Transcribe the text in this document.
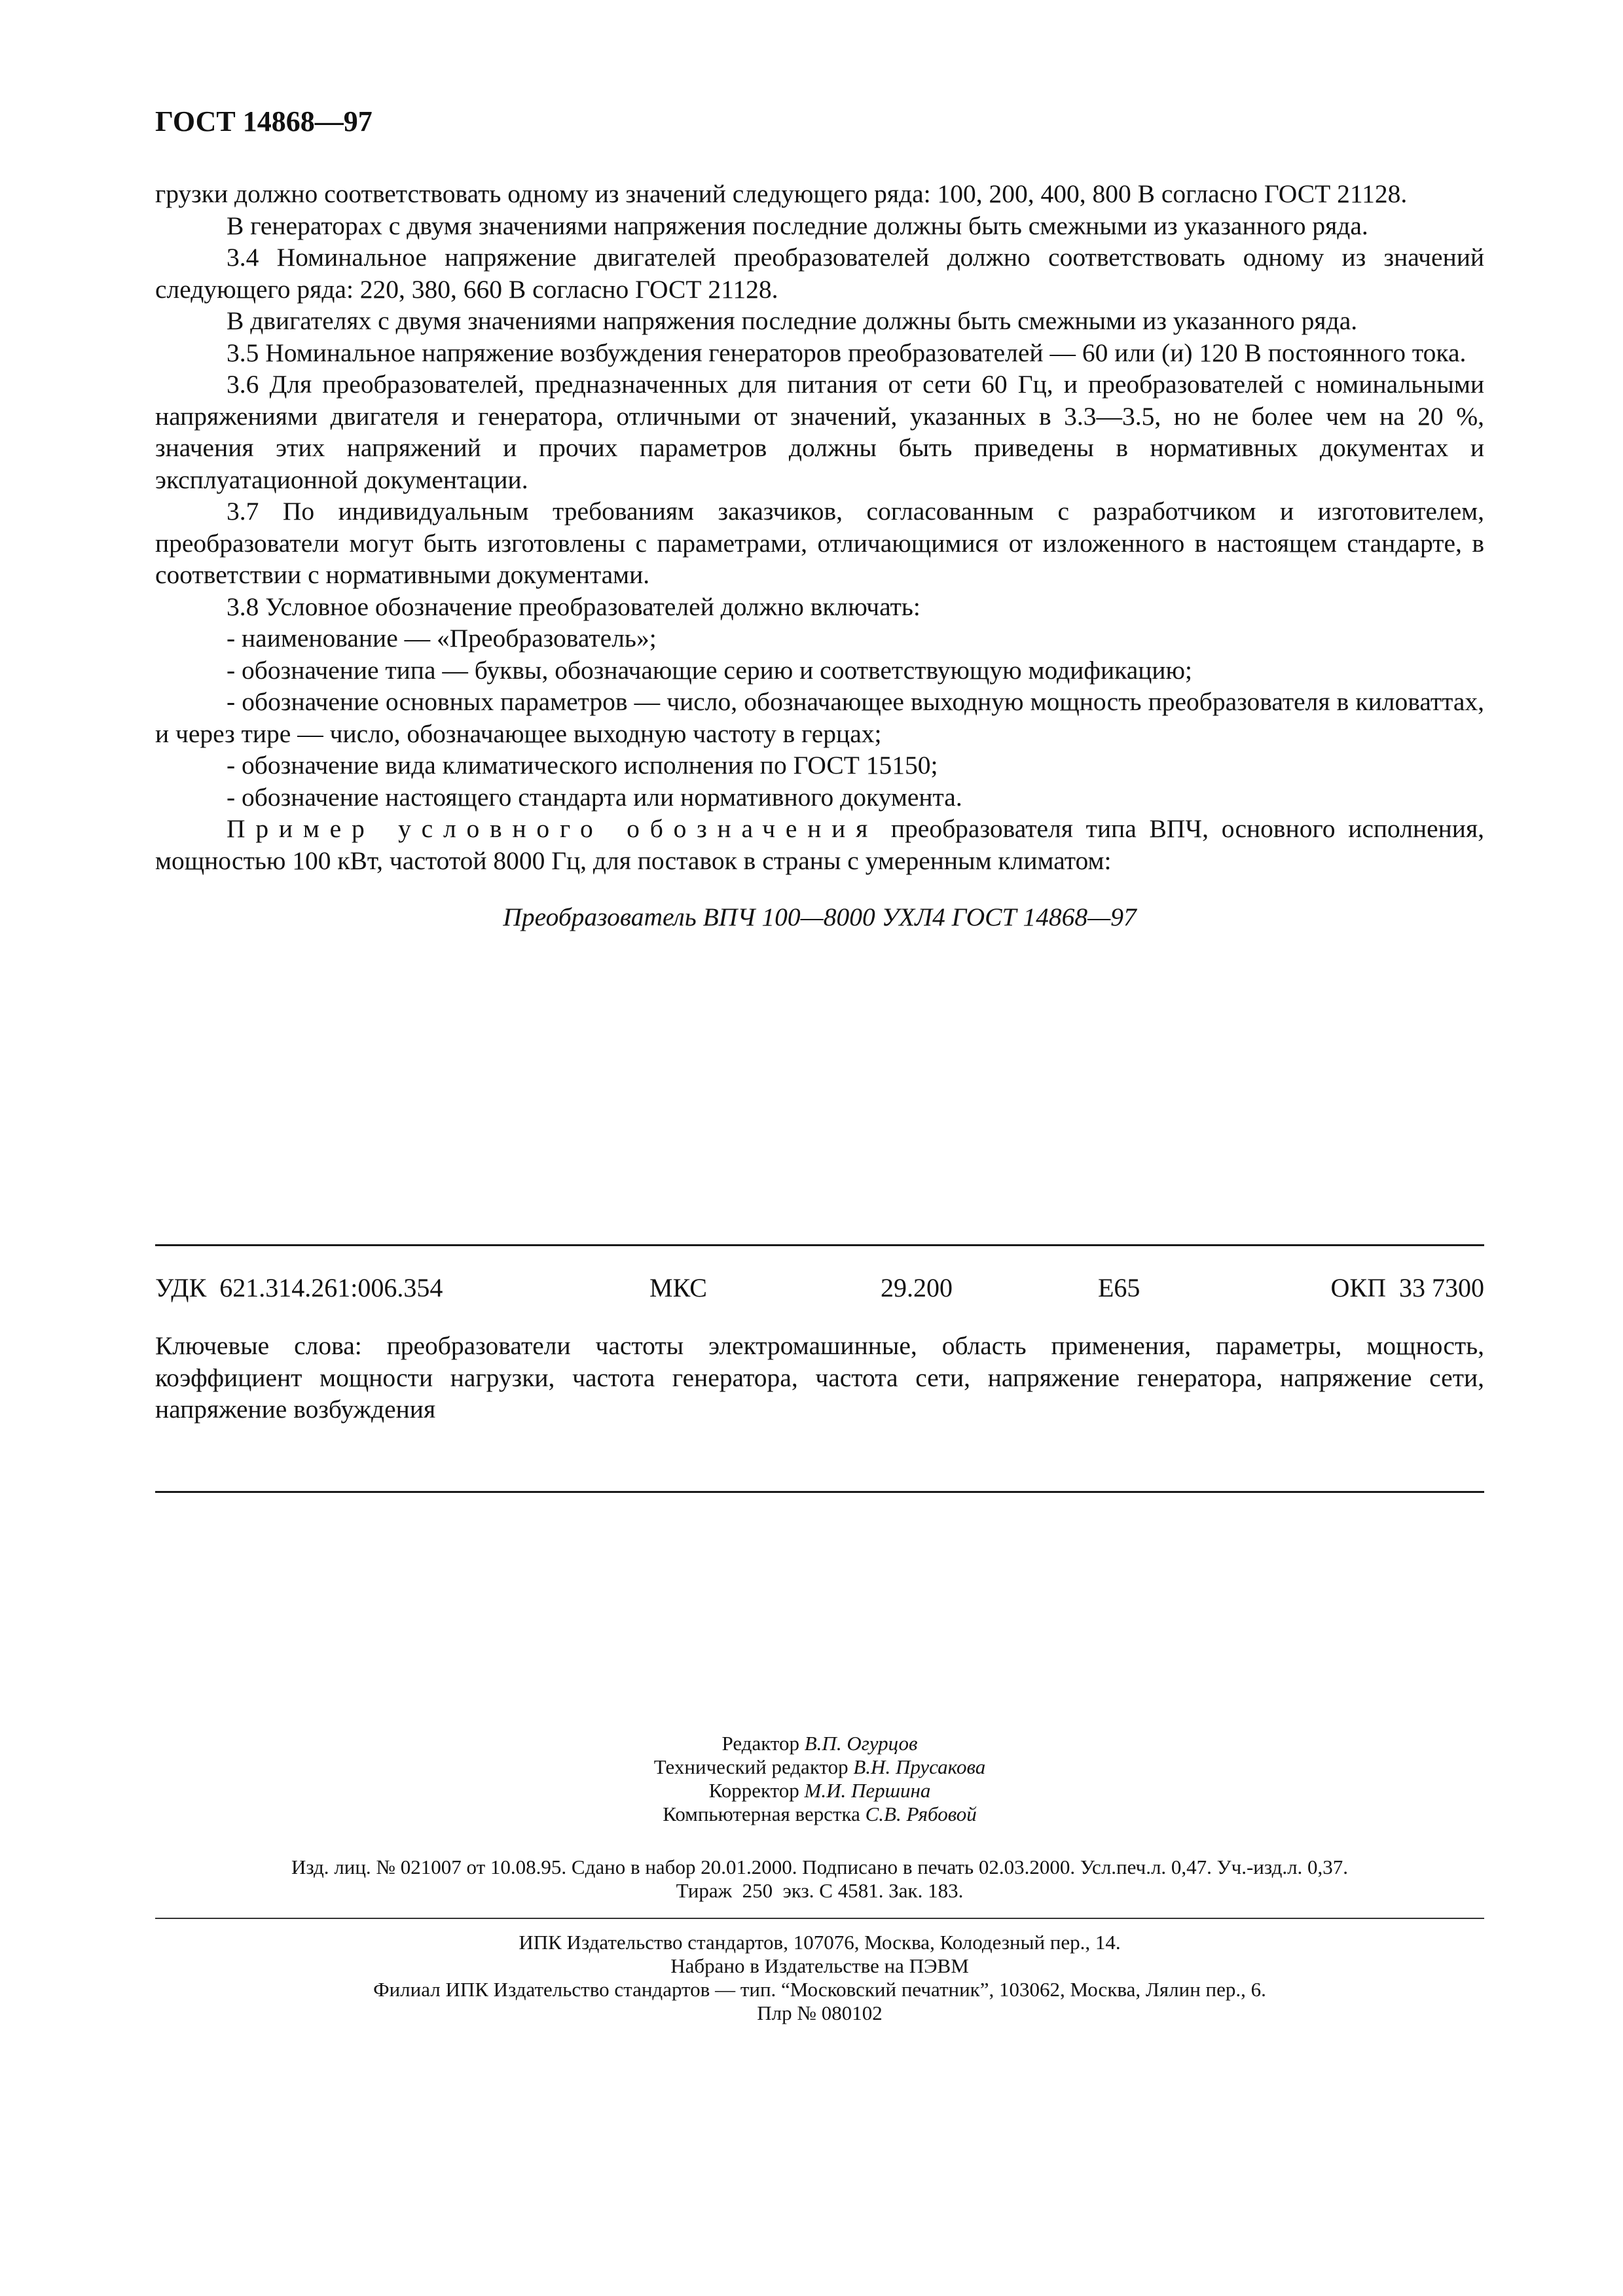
ГОСТ 14868—97

грузки должно соответствовать одному из значений следующего ряда: 100, 200, 400, 800 В согласно ГОСТ 21128.

В генераторах с двумя значениями напряжения последние должны быть смежными из указанного ряда.

3.4 Номинальное напряжение двигателей преобразователей должно соответствовать одному из значений следующего ряда: 220, 380, 660 В согласно ГОСТ 21128.

В двигателях с двумя значениями напряжения последние должны быть смежными из указанного ряда.

3.5 Номинальное напряжение возбуждения генераторов преобразователей — 60 или (и) 120 В постоянного тока.

3.6 Для преобразователей, предназначенных для питания от сети 60 Гц, и преобразователей с номинальными напряжениями двигателя и генератора, отличными от значений, указанных в 3.3—3.5, но не более чем на 20 %, значения этих напряжений и прочих параметров должны быть приведены в нормативных документах и эксплуатационной документации.

3.7 По индивидуальным требованиям заказчиков, согласованным с разработчиком и изготовителем, преобразователи могут быть изготовлены с параметрами, отличающимися от изложенного в настоящем стандарте, в соответствии с нормативными документами.

3.8 Условное обозначение преобразователей должно включать:

- наименование — «Преобразователь»;

- обозначение типа — буквы, обозначающие серию и соответствующую модификацию;

- обозначение основных параметров — число, обозначающее выходную мощность преобразователя в киловаттах, и через тире — число, обозначающее выходную частоту в герцах;

- обозначение вида климатического исполнения по ГОСТ 15150;

- обозначение настоящего стандарта или нормативного документа.

Пример условного обозначения преобразователя типа ВПЧ, основного исполнения, мощностью 100 кВт, частотой 8000 Гц, для поставок в страны с умеренным климатом:

Преобразователь ВПЧ 100—8000 УХЛ4 ГОСТ 14868—97

УДК  621.314.261:006.354	МКС	29.200	Е65	ОКП  33 7300
Ключевые слова: преобразователи частоты электромашинные, область применения, параметры, мощность, коэффициент мощности нагрузки, частота генератора, частота сети, напряжение генератора, напряжение сети, напряжение возбуждения
Редактор В.П. Огурцов
Технический редактор В.Н. Прусакова
Корректор М.И. Першина
Компьютерная верстка С.В. Рябовой
Изд. лиц. № 021007 от 10.08.95. Сдано в набор 20.01.2000. Подписано в печать 02.03.2000. Усл.печ.л. 0,47. Уч.-изд.л. 0,37.
Тираж  250  экз. С 4581. Зак. 183.
ИПК Издательство стандартов, 107076, Москва, Колодезный пер., 14.
Набрано в Издательстве на ПЭВМ
Филиал ИПК Издательство стандартов — тип. “Московский печатник”, 103062, Москва, Лялин пер., 6.
Плр № 080102
